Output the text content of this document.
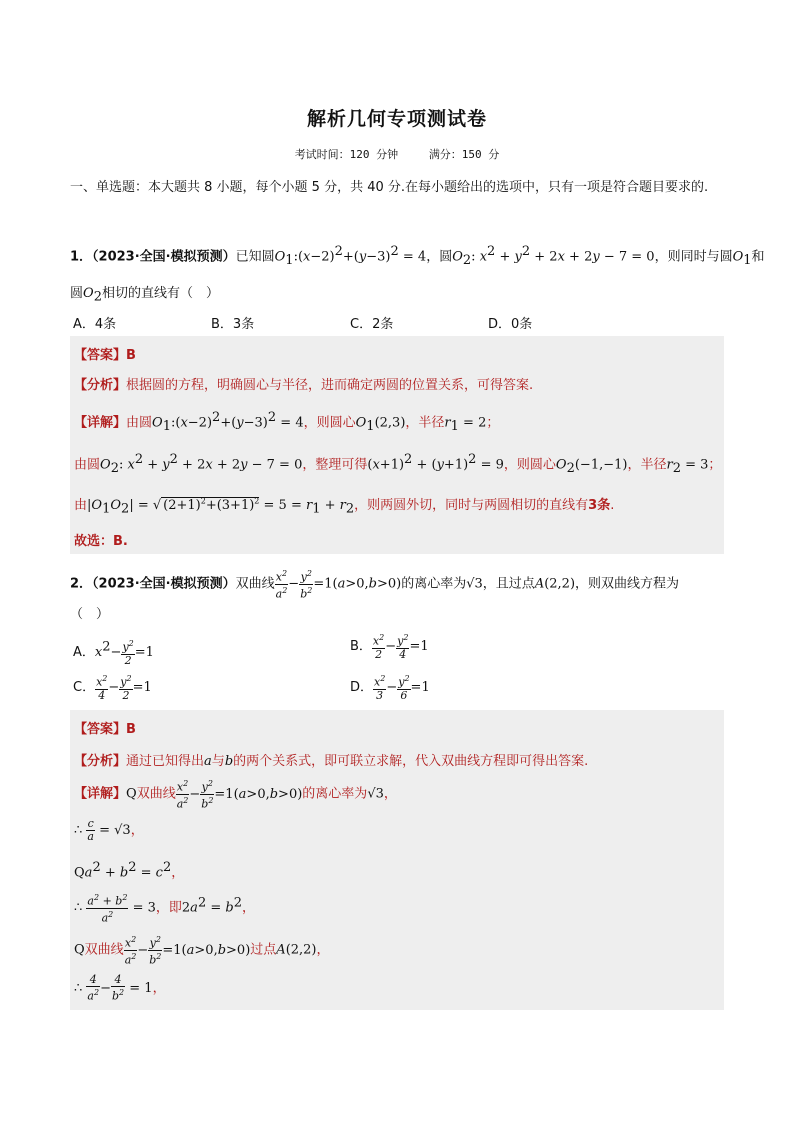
解析几何专项测试卷
考试时间：120 分钟	满分：150 分
一、单选题：本大题共 8 小题，每个小题 5 分，共 40 分.在每小题给出的选项中，只有一项是符合题目要求的.
1．（2023·全国·模拟预测）已知圆$O_1:(x-2)^2+(y-3)^2 = 4$，圆$O_2$: $x^2 + y^2 + 2x + 2y - 7 = 0$，则同时与圆$O_1$和
圆$O_2$相切的直线有（　）
A．4条	B．3条	C．2条	D．0条
【答案】B
【分析】根据圆的方程，明确圆心与半径，进而确定两圆的位置关系，可得答案.
【详解】由圆$O_1:(x-2)^2+(y-3)^2 = 4$，则圆心$O_1(2,3)$，半径$r_1 = 2$；
由圆$O_2$: $x^2 + y^2 + 2x + 2y - 7 = 0$，整理可得$(x+1)^2 + (y+1)^2 = 9$，则圆心$O_2(-1,-1)$，半径$r_2 = 3$；
由$|O_1O_2|$ = √ $(2+1)^2+(3+1)^2 = 5 = r_1 + r_2$，则两圆外切，同时与两圆相切的直线有3条.
故选：B.
2．（2023·全国·模拟预测）双曲线 $\frac{x^2}{a^2} - \frac{y^2}{b^2} =1(a>0,b>0)$的离心率为√3，且过点A(2,2)，则双曲线方程为
（　）
A．$x^2- \frac{y^2}{2} =1$	B． $\frac{x^2}{2} - \frac{y^2}{4} =1$
C． $\frac{x^2}{4} - \frac{y^2}{2} =1$	D． $\frac{x^2}{3} - \frac{y^2}{6} =1$
【答案】B
【分析】通过已知得出a与b的两个关系式，即可联立求解，代入双曲线方程即可得出答案.
【详解】Q双曲线 $\frac{x^2}{a^2} - \frac{y^2}{b^2} =1(a>0,b>0)$的离心率为√3，
∴ $\frac{c}{a} = √3$，
$Qa^2 + b^2 = c^2$，
∴ $\frac{a^2 + b^2}{a^2} = 3$，即$2a^2 = b^2$，
Q双曲线 $\frac{x^2}{a^2} - \frac{y^2}{b^2} =1(a>0,b>0)$过点A(2,2)，
∴ $\frac{4}{a^2} - \frac{4}{b^2} = 1$，
